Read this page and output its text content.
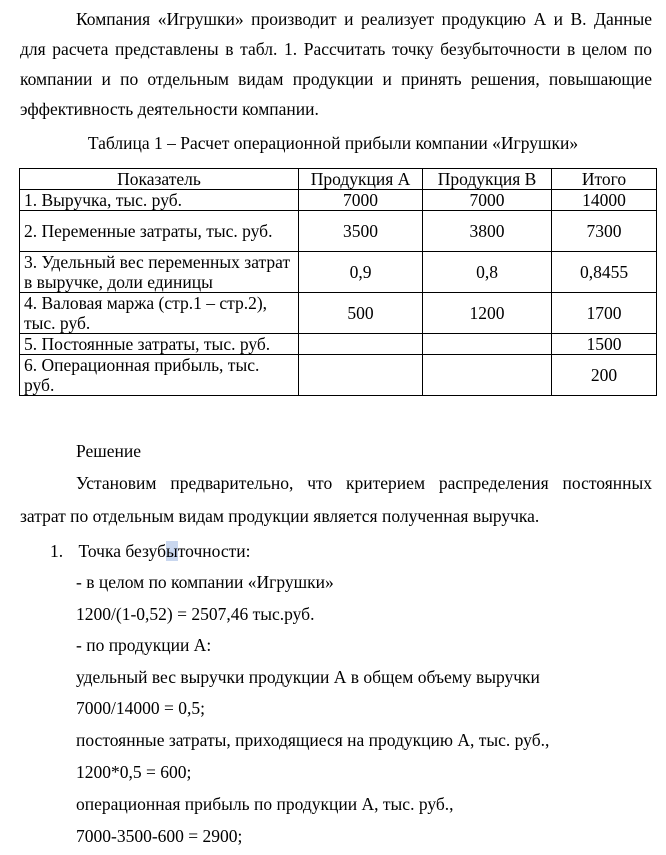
Компания «Игрушки» производит и реализует продукцию А и В. Данные для расчета представлены в табл. 1. Рассчитать точку безубыточности в целом по компании и по отдельным видам продукции и принять решения, повышающие эффективность деятельности компании.

Таблица 1 – Расчет операционной прибыли компании «Игрушки»
Показатель	Продукция А	Продукция В	Итого
1. Выручка, тыс. руб.	7000	7000	14000
2. Переменные затраты, тыс. руб.	3500	3800	7300
3. Удельный вес переменных затрат в выручке, доли единицы	0,9	0,8	0,8455
4. Валовая маржа (стр.1 – стр.2), тыс. руб.	500	1200	1700
5. Постоянные затраты, тыс. руб.			1500
6. Операционная прибыль, тыс. руб.			200
Решение

Установим предварительно, что критерием распределения постоянных затрат по отдельным видам продукции является полученная выручка.

1. Точка безубыточности:
- в целом по компании «Игрушки»
1200/(1-0,52) = 2507,46 тыс.руб.
- по продукции А:
удельный вес выручки продукции А в общем объему выручки
7000/14000 = 0,5;
постоянные затраты, приходящиеся на продукцию А, тыс. руб.,
1200*0,5 = 600;
операционная прибыль по продукции А, тыс. руб.,
7000-3500-600 = 2900;
